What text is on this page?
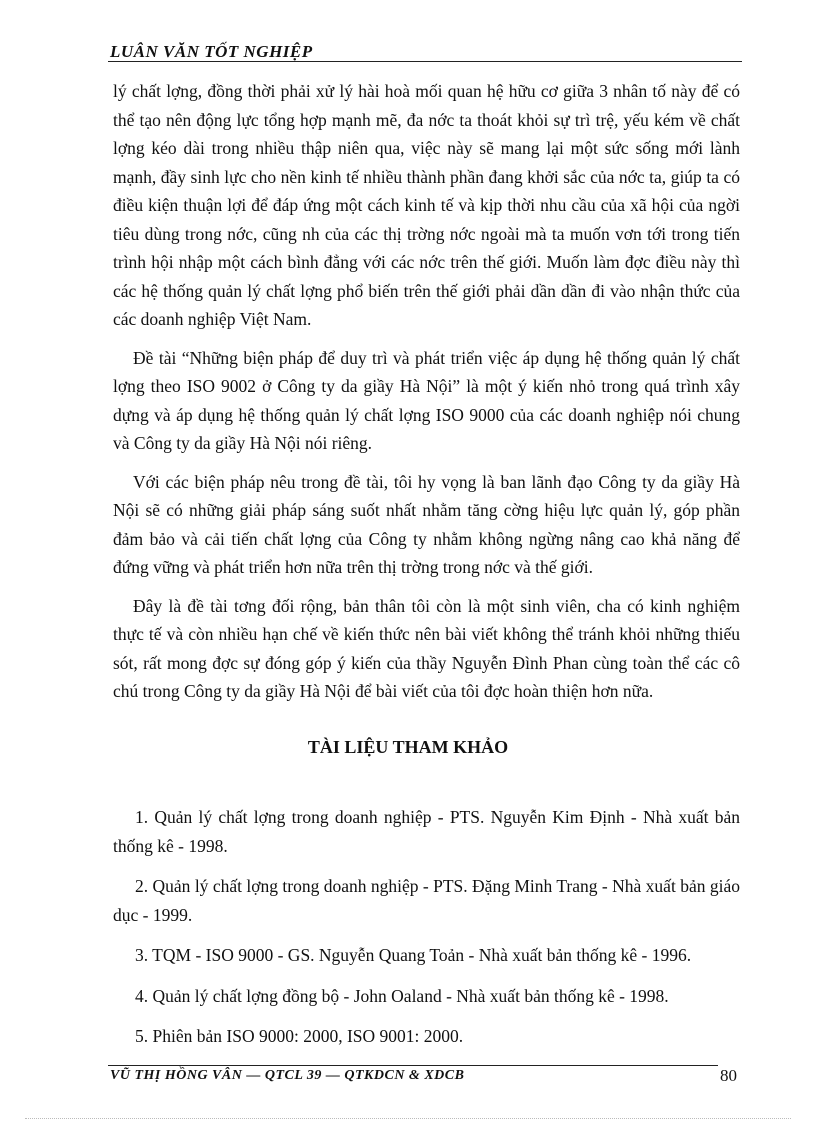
LUÂN VĂN TỐT NGHIỆP

lý chất lợng, đồng thời phải xử lý hài hoà mối quan hệ hữu cơ giữa 3 nhân tố này để có thể tạo nên động lực tổng hợp mạnh mẽ, đa nớc ta thoát khỏi sự trì trệ, yếu kém về chất lợng kéo dài trong nhiều thập niên qua, việc này sẽ mang lại một sức sống mới lành mạnh, đầy sinh lực cho nền kinh tế nhiều thành phần đang khởi sắc của nớc ta, giúp ta có điều kiện thuận lợi để đáp ứng một cách kinh tế và kịp thời nhu cầu của xã hội của ngời tiêu dùng trong nớc, cũng nh của các thị trờng nớc ngoài mà ta muốn vơn tới trong tiến trình hội nhập một cách bình đẳng với các nớc trên thế giới. Muốn làm đợc điều này thì các hệ thống quản lý chất lợng phổ biến trên thế giới phải dần dần đi vào nhận thức của các doanh nghiệp Việt Nam.

Đề tài “Những biện pháp để duy trì và phát triển việc áp dụng hệ thống quản lý chất lợng theo ISO 9002 ở Công ty da giầy Hà Nội” là một ý kiến nhỏ trong quá trình xây dựng và áp dụng hệ thống quản lý chất lợng ISO 9000 của các doanh nghiệp nói chung và Công ty da giầy Hà Nội nói riêng.

Với các biện pháp nêu trong đề tài, tôi hy vọng là ban lãnh đạo Công ty da giầy Hà Nội sẽ có những giải pháp sáng suốt nhất nhằm tăng cờng hiệu lực quản lý, góp phần đảm bảo và cải tiến chất lợng của Công ty nhằm không ngừng nâng cao khả năng để đứng vững và phát triển hơn nữa trên thị trờng trong nớc và thế giới.

Đây là đề tài tơng đối rộng, bản thân tôi còn là một sinh viên, cha có kinh nghiệm thực tế và còn nhiều hạn chế về kiến thức nên bài viết không thể tránh khỏi những thiếu sót, rất mong đợc sự đóng góp ý kiến của thầy Nguyễn Đình Phan cùng toàn thể các cô chú trong Công ty da giầy Hà Nội để bài viết của tôi đợc hoàn thiện hơn nữa.

TÀI LIỆU THAM KHẢO
1. Quản lý chất lợng trong doanh nghiệp - PTS. Nguyễn Kim Định - Nhà xuất bản thống kê - 1998.
2. Quản lý chất lợng trong doanh nghiệp - PTS. Đặng Minh Trang - Nhà xuất bản giáo dục - 1999.
3. TQM - ISO 9000 - GS. Nguyễn Quang Toản - Nhà xuất bản thống kê - 1996.
4. Quản lý chất lợng đồng bộ - John Oaland - Nhà xuất bản thống kê - 1998.
5. Phiên bản ISO 9000: 2000, ISO 9001: 2000.
VŨ THỊ HỒNG VÂN — QTCL 39 — QTKDCN & XDCB	80
